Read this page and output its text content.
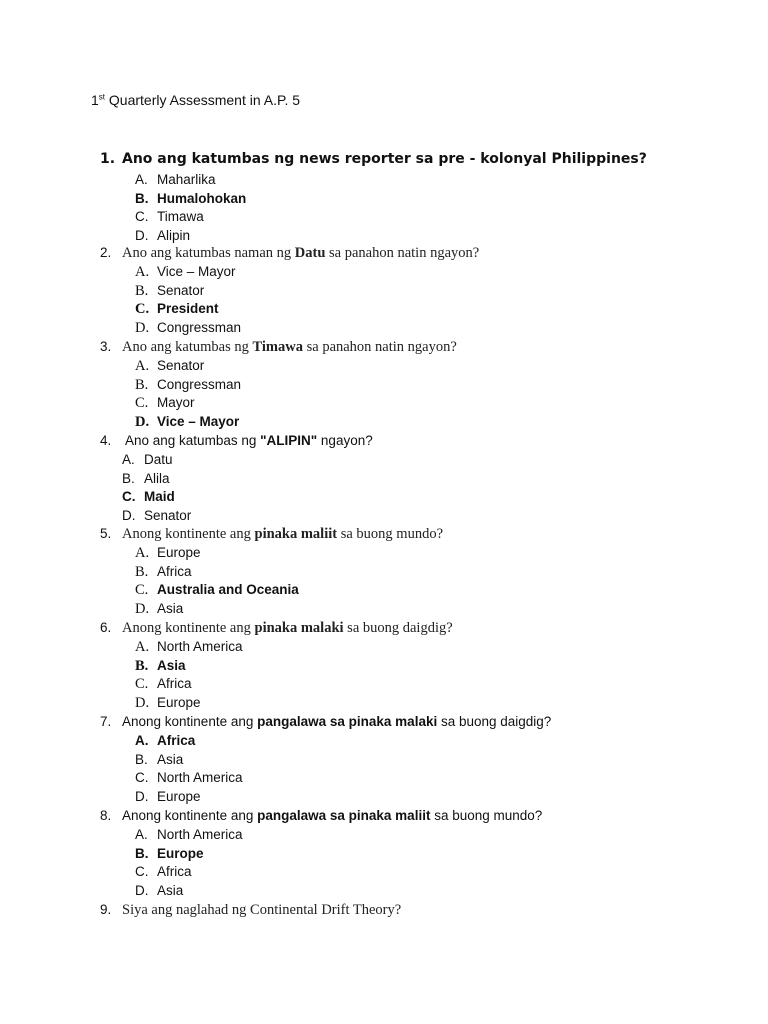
1st Quarterly Assessment in A.P. 5
1. Ano ang katumbas ng news reporter sa pre - kolonyal Philippines?
A. Maharlika
B. Humalohokan
C. Timawa
D. Alipin
2. Ano ang katumbas naman ng Datu sa panahon natin ngayon?
A. Vice – Mayor
B. Senator
C. President
D. Congressman
3. Ano ang katumbas ng Timawa sa panahon natin ngayon?
A. Senator
B. Congressman
C. Mayor
D. Vice – Mayor
4. Ano ang katumbas ng "ALIPIN" ngayon?
A. Datu
B. Alila
C. Maid
D. Senator
5. Anong kontinente ang pinaka maliit sa buong mundo?
A. Europe
B. Africa
C. Australia and Oceania
D. Asia
6. Anong kontinente ang pinaka malaki sa buong daigdig?
A. North America
B. Asia
C. Africa
D. Europe
7. Anong kontinente ang pangalawa sa pinaka malaki sa buong daigdig?
A. Africa
B. Asia
C. North America
D. Europe
8. Anong kontinente ang pangalawa sa pinaka maliit sa buong mundo?
A. North America
B. Europe
C. Africa
D. Asia
9. Siya ang naglahad ng Continental Drift Theory?
